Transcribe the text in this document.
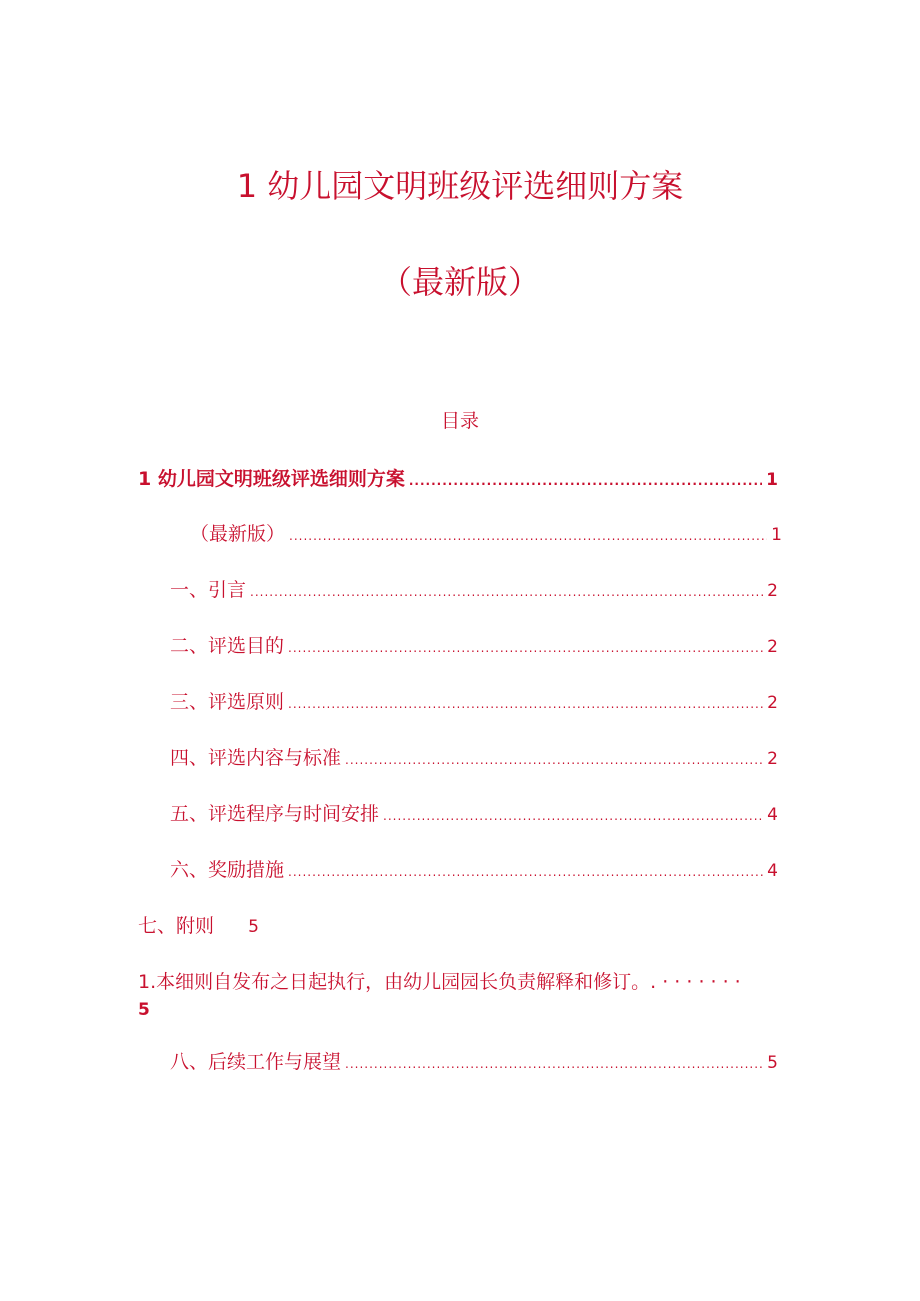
1 幼儿园文明班级评选细则方案
（最新版）
目录
1 幼儿园文明班级评选细则方案 .....	1
（最新版） .....	1
一、引言 .....	2
二、评选目的 .....	2
三、评选原则 .....	2
四、评选内容与标准 .....	2
五、评选程序与时间安排 .....	4
六、奖励措施 .....	4
七、附则 5
1.本细则自发布之日起执行，由幼儿园园长负责解释和修订。. · · · · · · ·
5
八、后续工作与展望 .....	5
